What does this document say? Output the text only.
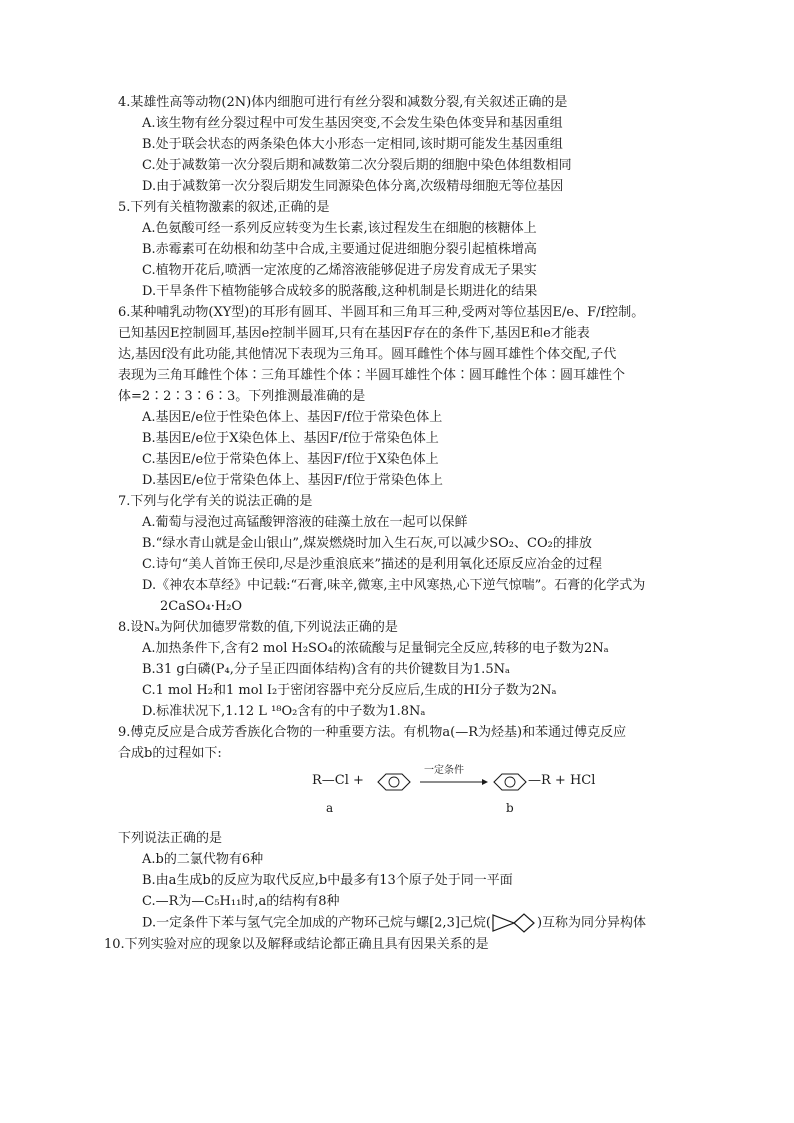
4.某雄性高等动物(2N)体内细胞可进行有丝分裂和减数分裂,有关叙述正确的是
A.该生物有丝分裂过程中可发生基因突变,不会发生染色体变异和基因重组
B.处于联会状态的两条染色体大小形态一定相同,该时期可能发生基因重组
C.处于减数第一次分裂后期和减数第二次分裂后期的细胞中染色体组数相同
D.由于减数第一次分裂后期发生同源染色体分离,次级精母细胞无等位基因
5.下列有关植物激素的叙述,正确的是
A.色氨酸可经一系列反应转变为生长素,该过程发生在细胞的核糖体上
B.赤霉素可在幼根和幼茎中合成,主要通过促进细胞分裂引起植株增高
C.植物开花后,喷洒一定浓度的乙烯溶液能够促进子房发育成无子果实
D.干旱条件下植物能够合成较多的脱落酸,这种机制是长期进化的结果
6.某种哺乳动物(XY型)的耳形有圆耳、半圆耳和三角耳三种,受两对等位基因E/e、F/f控制。
已知基因E控制圆耳,基因e控制半圆耳,只有在基因F存在的条件下,基因E和e才能表
达,基因f没有此功能,其他情况下表现为三角耳。圆耳雌性个体与圆耳雄性个体交配,子代
表现为三角耳雌性个体∶三角耳雄性个体∶半圆耳雄性个体∶圆耳雌性个体∶圆耳雄性个
体=2∶2∶3∶6∶3。下列推测最准确的是
A.基因E/e位于性染色体上、基因F/f位于常染色体上
B.基因E/e位于X染色体上、基因F/f位于常染色体上
C.基因E/e位于常染色体上、基因F/f位于X染色体上
D.基因E/e位于常染色体上、基因F/f位于常染色体上
7.下列与化学有关的说法正确的是
A.葡萄与浸泡过高锰酸钾溶液的硅藻土放在一起可以保鲜
B.“绿水青山就是金山银山”,煤炭燃烧时加入生石灰,可以减少SO₂、CO₂的排放
C.诗句“美人首饰王侯印,尽是沙重浪底来”描述的是利用氧化还原反应冶金的过程
D.《神农本草经》中记载:“石膏,味辛,微寒,主中风寒热,心下逆气惊喘”。石膏的化学式为
2CaSO₄·H₂O
8.设Nₐ为阿伏加德罗常数的值,下列说法正确的是
A.加热条件下,含有2 mol H₂SO₄的浓硫酸与足量铜完全反应,转移的电子数为2Nₐ
B.31 g白磷(P₄,分子呈正四面体结构)含有的共价键数目为1.5Nₐ
C.1 mol H₂和1 mol I₂于密闭容器中充分反应后,生成的HI分子数为2Nₐ
D.标准状况下,1.12 L ¹⁸O₂含有的中子数为1.8Nₐ
9.傅克反应是合成芳香族化合物的一种重要方法。有机物a(—R为烃基)和苯通过傅克反应
合成b的过程如下:
R—Cl +
一定条件
—R + HCl
a	b
下列说法正确的是
A.b的二氯代物有6种
B.由a生成b的反应为取代反应,b中最多有13个原子处于同一平面
C.—R为—C₅H₁₁时,a的结构有8种
D.一定条件下苯与氢气完全加成的产物环己烷与螺[2,3]己烷(	)互称为同分异构体
10.下列实验对应的现象以及解释或结论都正确且具有因果关系的是
